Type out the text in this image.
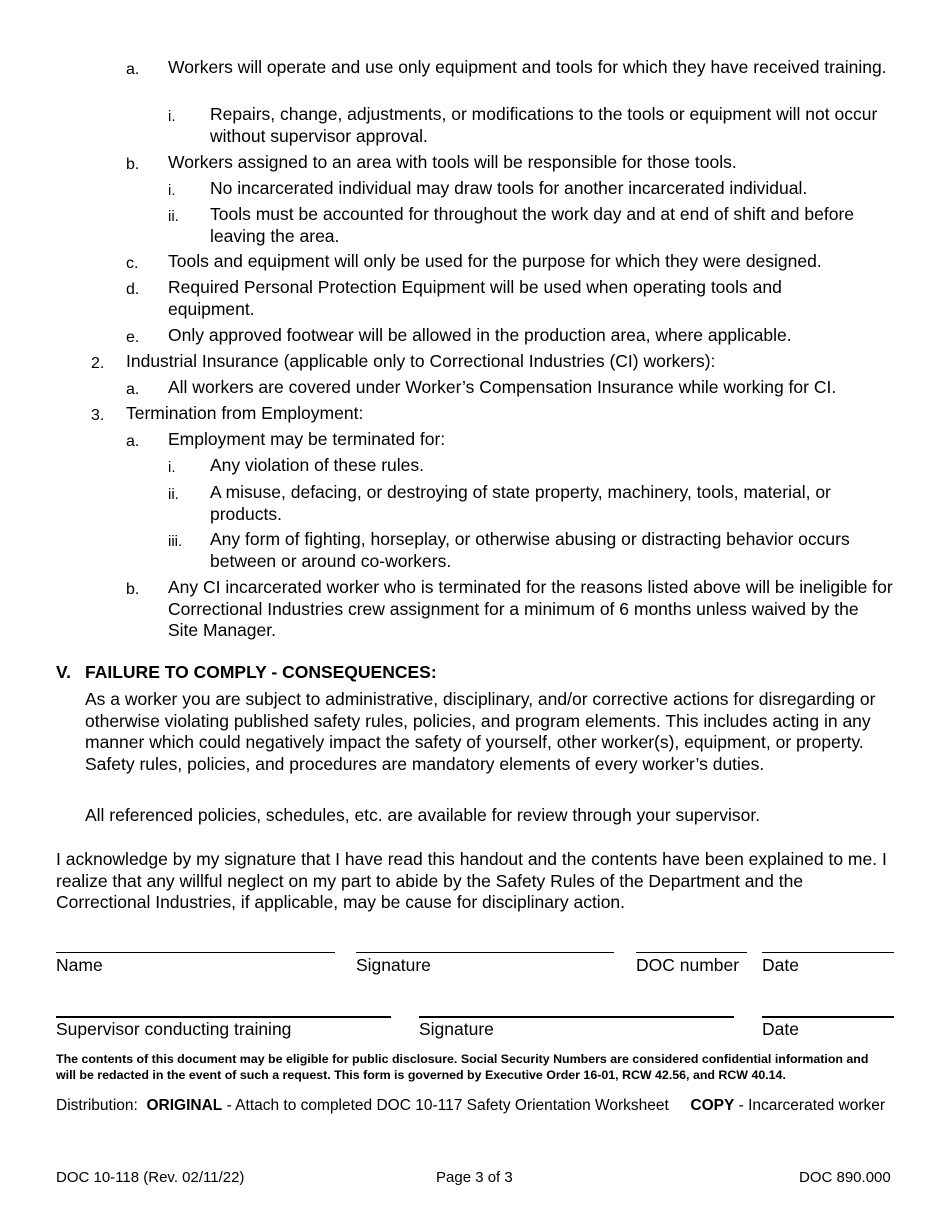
a. Workers will operate and use only equipment and tools for which they have received training.
i. Repairs, change, adjustments, or modifications to the tools or equipment will not occur without supervisor approval.
b. Workers assigned to an area with tools will be responsible for those tools.
i. No incarcerated individual may draw tools for another incarcerated individual.
ii. Tools must be accounted for throughout the work day and at end of shift and before leaving the area.
c. Tools and equipment will only be used for the purpose for which they were designed.
d. Required Personal Protection Equipment will be used when operating tools and equipment.
e. Only approved footwear will be allowed in the production area, where applicable.
2. Industrial Insurance (applicable only to Correctional Industries (CI) workers):
a. All workers are covered under Worker’s Compensation Insurance while working for CI.
3. Termination from Employment:
a. Employment may be terminated for:
i. Any violation of these rules.
ii. A misuse, defacing, or destroying of state property, machinery, tools, material, or products.
iii. Any form of fighting, horseplay, or otherwise abusing or distracting behavior occurs between or around co-workers.
b. Any CI incarcerated worker who is terminated for the reasons listed above will be ineligible for Correctional Industries crew assignment for a minimum of 6 months unless waived by the Site Manager.
V. FAILURE TO COMPLY - CONSEQUENCES:
As a worker you are subject to administrative, disciplinary, and/or corrective actions for disregarding or otherwise violating published safety rules, policies, and program elements. This includes acting in any manner which could negatively impact the safety of yourself, other worker(s), equipment, or property. Safety rules, policies, and procedures are mandatory elements of every worker’s duties.
All referenced policies, schedules, etc. are available for review through your supervisor.
I acknowledge by my signature that I have read this handout and the contents have been explained to me. I realize that any willful neglect on my part to abide by the Safety Rules of the Department and the Correctional Industries, if applicable, may be cause for disciplinary action.
Name	Signature	DOC number Date
Supervisor conducting training	Signature	Date
The contents of this document may be eligible for public disclosure. Social Security Numbers are considered confidential information and will be redacted in the event of such a request. This form is governed by Executive Order 16-01, RCW 42.56, and RCW 40.14.
Distribution: ORIGINAL - Attach to completed DOC 10-117 Safety Orientation Worksheet COPY - Incarcerated worker
DOC 10-118 (Rev. 02/11/22)	Page 3 of 3	DOC 890.000
